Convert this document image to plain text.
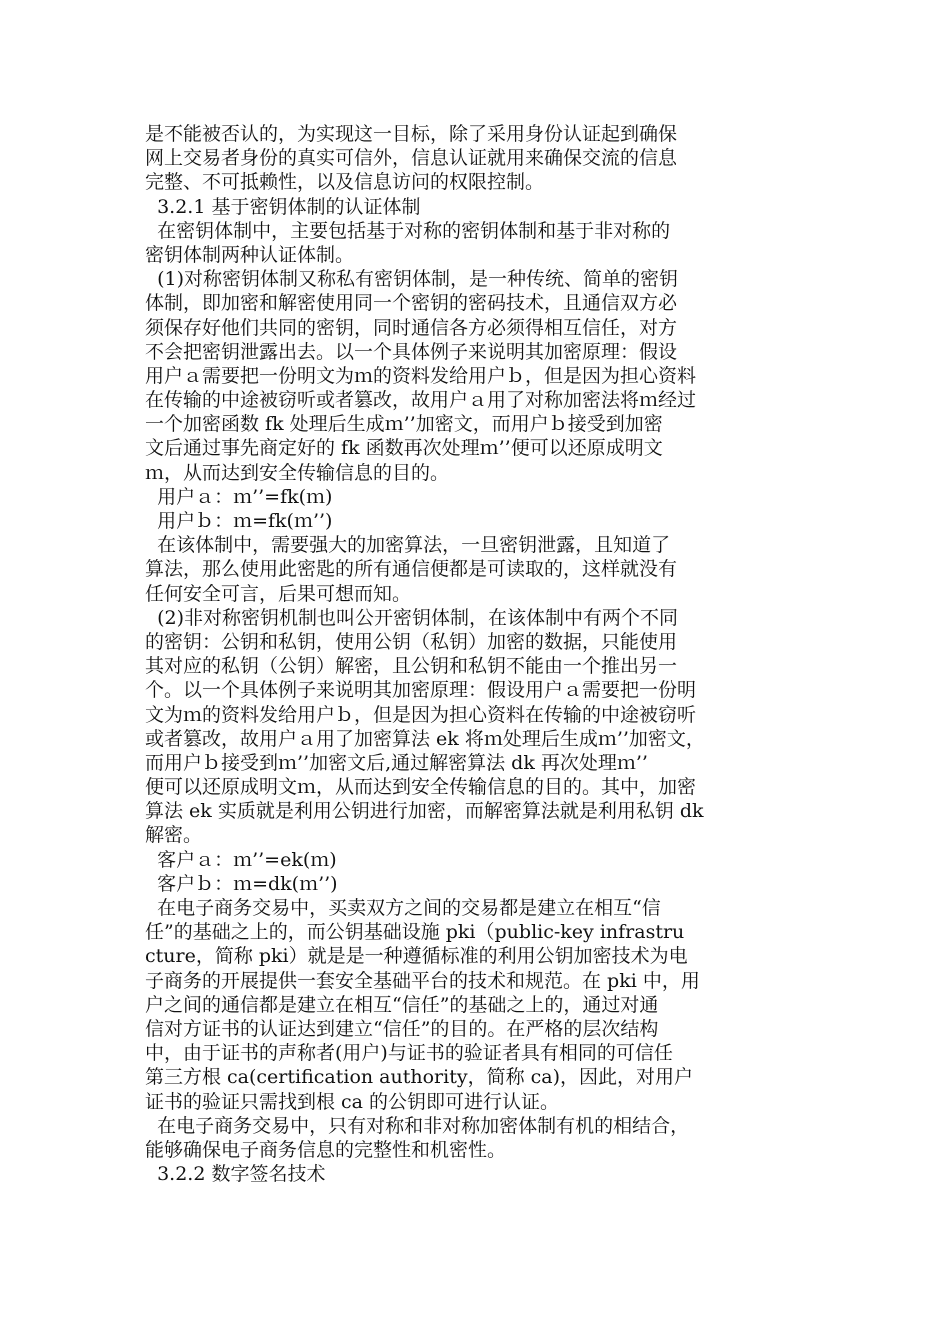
是不能被否认的，为实现这一目标，除了采用身份认证起到确保
网上交易者身份的真实可信外，信息认证就用来确保交流的信息
完整、不可抵赖性，以及信息访问的权限控制。
3.2.1 基于密钥体制的认证体制
在密钥体制中，主要包括基于对称的密钥体制和基于非对称的
密钥体制两种认证体制。
(1)对称密钥体制又称私有密钥体制，是一种传统、简单的密钥
体制，即加密和解密使用同一个密钥的密码技术，且通信双方必
须保存好他们共同的密钥，同时通信各方必须得相互信任，对方
不会把密钥泄露出去。以一个具体例子来说明其加密原理：假设
用户ａ需要把一份明文为ｍ的资料发给用户ｂ，但是因为担心资料
在传输的中途被窃听或者篡改，故用户ａ用了对称加密法将ｍ经过
一个加密函数 fk 处理后生成ｍ’’加密文，而用户ｂ接受到加密
文后通过事先商定好的 fk 函数再次处理ｍ’’便可以还原成明文
ｍ，从而达到安全传输信息的目的。
用户ａ：ｍ’’=fk(ｍ)
用户ｂ：ｍ=fk(ｍ’’)
在该体制中，需要强大的加密算法，一旦密钥泄露，且知道了
算法，那么使用此密匙的所有通信便都是可读取的，这样就没有
任何安全可言，后果可想而知。
(2)非对称密钥机制也叫公开密钥体制，在该体制中有两个不同
的密钥：公钥和私钥，使用公钥（私钥）加密的数据，只能使用
其对应的私钥（公钥）解密，且公钥和私钥不能由一个推出另一
个。以一个具体例子来说明其加密原理：假设用户ａ需要把一份明
文为ｍ的资料发给用户ｂ，但是因为担心资料在传输的中途被窃听
或者篡改，故用户ａ用了加密算法 ek 将ｍ处理后生成ｍ’’加密文，
而用户ｂ接受到ｍ’’加密文后,通过解密算法 dk 再次处理ｍ’’
便可以还原成明文ｍ，从而达到安全传输信息的目的。其中，加密
算法 ek 实质就是利用公钥进行加密，而解密算法就是利用私钥 dk
解密。
客户ａ：ｍ’’=ek(ｍ)
客户ｂ：ｍ=dk(ｍ’’)
在电子商务交易中，买卖双方之间的交易都是建立在相互“信
任”的基础之上的，而公钥基础设施 pki（public-key infrastru
cture，简称 pki）就是是一种遵循标准的利用公钥加密技术为电
子商务的开展提供一套安全基础平台的技术和规范。在 pki 中，用
户之间的通信都是建立在相互“信任”的基础之上的，通过对通
信对方证书的认证达到建立“信任”的目的。在严格的层次结构
中，由于证书的声称者(用户)与证书的验证者具有相同的可信任
第三方根 ca(certification authority，简称 ca)，因此，对用户
证书的验证只需找到根 ca 的公钥即可进行认证。
在电子商务交易中，只有对称和非对称加密体制有机的相结合，
能够确保电子商务信息的完整性和机密性。
3.2.2 数字签名技术
